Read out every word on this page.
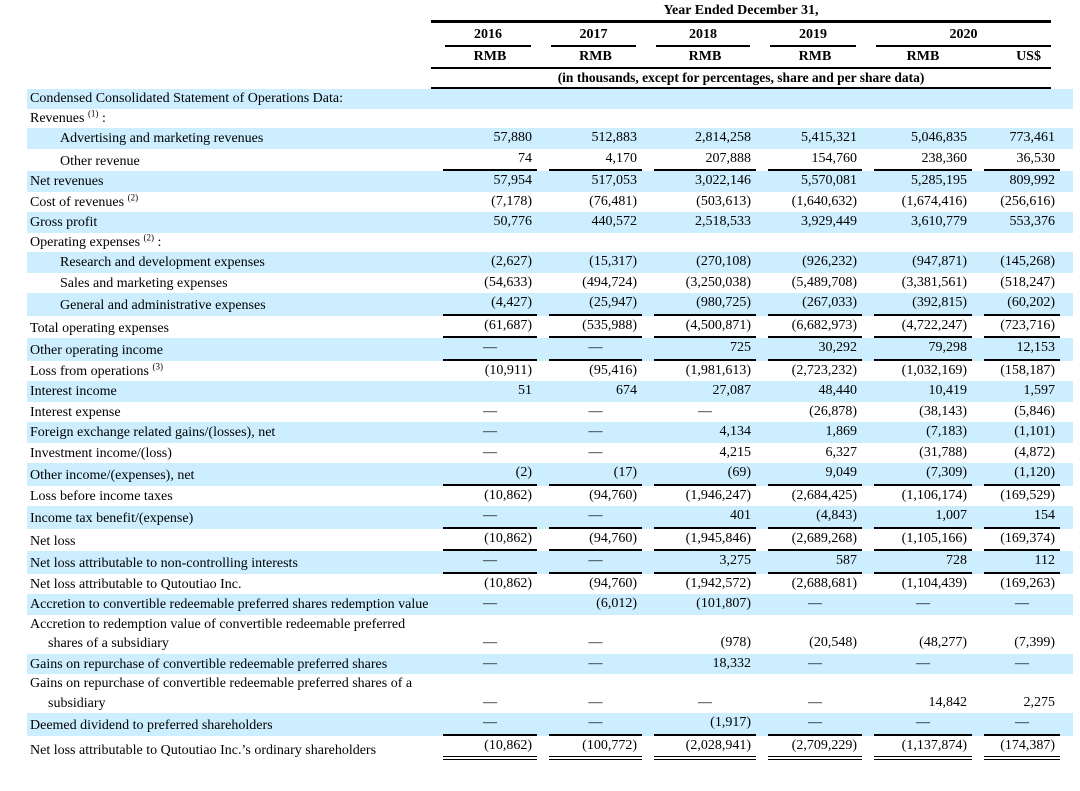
	Year Ended December 31,					

	2016	2017	2018	2019	2020	

	RMB	RMB	RMB	RMB	RMB	US$

	(in thousands, except for percentages, share and per share data)					

Condensed Consolidated Statement of Operations Data:						
Revenues $^{(1)}$ :						
Advertising and marketing revenues	57,880	512,883	2,814,258	5,415,321	5,046,835	773,461

Other revenue	74	4,170	207,888	154,760	238,360	36,530

Net revenues	57,954	517,053	3,022,146	5,570,081	5,285,195	809,992

Cost of revenues $^{(2)}$	(7,178)	(76,481)	(503,613)	(1,640,632)	(1,674,416)	(256,616)

Gross profit	50,776	440,572	2,518,533	3,929,449	3,610,779	553,376

Operating expenses $^{(2)}$ :						
Research and development expenses	(2,627)	(15,317)	(270,108)	(926,232)	(947,871)	(145,268)

Sales and marketing expenses	(54,633)	(494,724)	(3,250,038)	(5,489,708)	(3,381,561)	(518,247)

General and administrative expenses	(4,427)	(25,947)	(980,725)	(267,033)	(392,815)	(60,202)

Total operating expenses	(61,687)	(535,988)	(4,500,871)	(6,682,973)	(4,722,247)	(723,716)

Other operating income	—	—	725	30,292	79,298	12,153

Loss from operations $^{(3)}$	(10,911)	(95,416)	(1,981,613)	(2,723,232)	(1,032,169)	(158,187)

Interest income	51	674	27,087	48,440	10,419	1,597

Interest expense	—	—	—	(26,878)	(38,143)	(5,846)

Foreign exchange related gains/(losses), net	—	—	4,134	1,869	(7,183)	(1,101)

Investment income/(loss)	—	—	4,215	6,327	(31,788)	(4,872)

Other income/(expenses), net	(2)	(17)	(69)	9,049	(7,309)	(1,120)

Loss before income taxes	(10,862)	(94,760)	(1,946,247)	(2,684,425)	(1,106,174)	(169,529)

Income tax benefit/(expense)	—	—	401	(4,843)	1,007	154

Net loss	(10,862)	(94,760)	(1,945,846)	(2,689,268)	(1,105,166)	(169,374)

Net loss attributable to non-controlling interests	—	—	3,275	587	728	112

Net loss attributable to Qutoutiao Inc.	(10,862)	(94,760)	(1,942,572)	(2,688,681)	(1,104,439)	(169,263)

Accretion to convertible redeemable preferred shares redemption value	—	(6,012)	(101,807)	—	—	—

Accretion to redemption value of convertible redeemable preferred shares of a subsidiary	—	—	(978)	(20,548)	(48,277)	(7,399)

Gains on repurchase of convertible redeemable preferred shares	—	—	18,332	—	—	—

Gains on repurchase of convertible redeemable preferred shares of a subsidiary	—	—	—	—	14,842	2,275

Deemed dividend to preferred shareholders	—	—	(1,917)	—	—	—

Net loss attributable to Qutoutiao Inc.’s ordinary shareholders	(10,862)	(100,772)	(2,028,941)	(2,709,229)	(1,137,874)	(174,387)
